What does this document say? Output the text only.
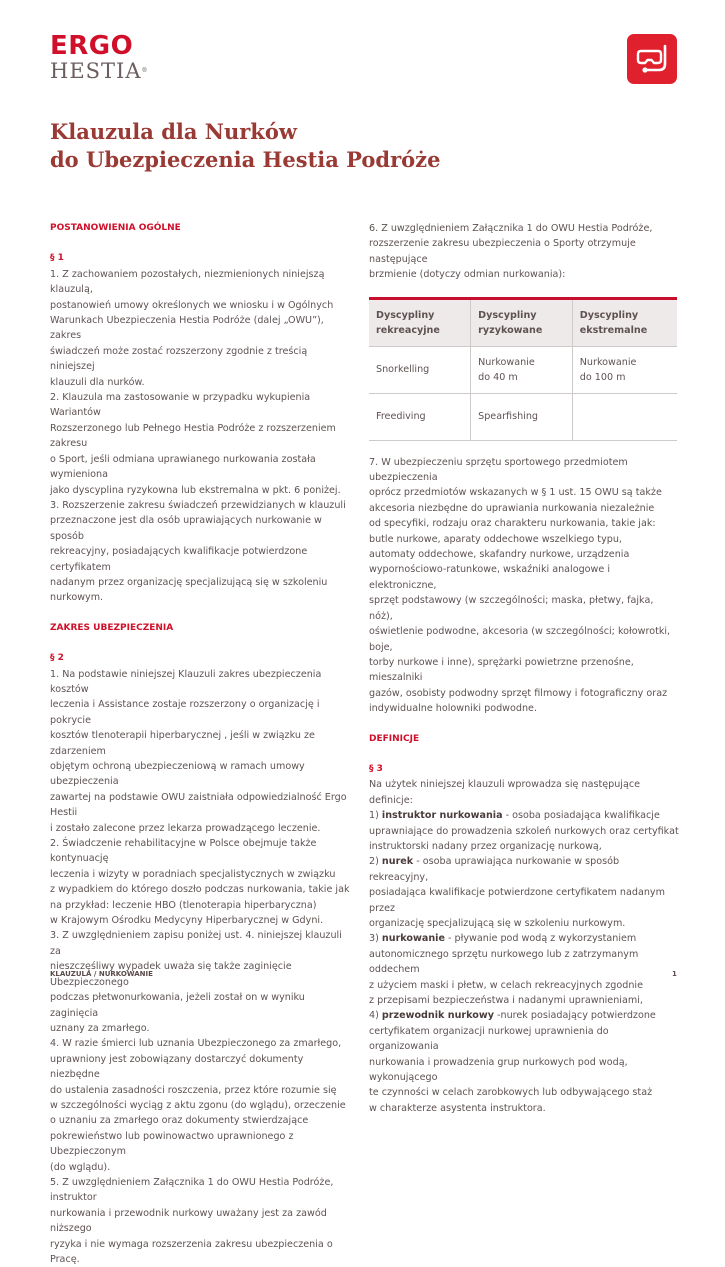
ERGO
HESTIA®
Klauzula dla Nurków
do Ubezpieczenia Hestia Podróże

POSTANOWIENIA OGÓLNE

§ 1

1. Z zachowaniem pozostałych, niezmienionych niniejszą klauzulą,
postanowień umowy określonych we wniosku i w Ogólnych
Warunkach Ubezpieczenia Hestia Podróże (dalej „OWU”), zakres
świadczeń może zostać rozszerzony zgodnie z treścią niniejszej
klauzuli dla nurków.

2. Klauzula ma zastosowanie w przypadku wykupienia Wariantów
Rozszerzonego lub Pełnego Hestia Podróże z rozszerzeniem zakresu
o Sport, jeśli odmiana uprawianego nurkowania została wymieniona
jako dyscyplina ryzykowna lub ekstremalna w pkt. 6 poniżej.

3. Rozszerzenie zakresu świadczeń przewidzianych w klauzuli
przeznaczone jest dla osób uprawiających nurkowanie w sposób
rekreacyjny, posiadających kwalifikacje potwierdzone certyfikatem
nadanym przez organizację specjalizującą się w szkoleniu
nurkowym.

ZAKRES UBEZPIECZENIA

§ 2

1. Na podstawie niniejszej Klauzuli zakres ubezpieczenia kosztów
leczenia i Assistance zostaje rozszerzony o organizację i pokrycie
kosztów tlenoterapii hiperbarycznej , jeśli w związku ze zdarzeniem
objętym ochroną ubezpieczeniową w ramach umowy ubezpieczenia
zawartej na podstawie OWU zaistniała odpowiedzialność Ergo Hestii
i zostało zalecone przez lekarza prowadzącego leczenie.

2. Świadczenie rehabilitacyjne w Polsce obejmuje także kontynuację
leczenia i wizyty w poradniach specjalistycznych w związku
z wypadkiem do którego doszło podczas nurkowania, takie jak
na przykład: leczenie HBO (tlenoterapia hiperbaryczna)
w Krajowym Ośrodku Medycyny Hiperbarycznej w Gdyni.

3. Z uwzględnieniem zapisu poniżej ust. 4. niniejszej klauzuli za
nieszczęśliwy wypadek uważa się także zaginięcie Ubezpieczonego
podczas płetwonurkowania, jeżeli został on w wyniku zaginięcia
uznany za zmarłego.

4. W razie śmierci lub uznania Ubezpieczonego za zmarłego,
uprawniony jest zobowiązany dostarczyć dokumenty niezbędne
do ustalenia zasadności roszczenia, przez które rozumie się
w szczególności wyciąg z aktu zgonu (do wglądu), orzeczenie
o uznaniu za zmarłego oraz dokumenty stwierdzające
pokrewieństwo lub powinowactwo uprawnionego z Ubezpieczonym
(do wglądu).

5. Z uwzględnieniem Załącznika 1 do OWU Hestia Podróże, instruktor
nurkowania i przewodnik nurkowy uważany jest za zawód niższego
ryzyka i nie wymaga rozszerzenia zakresu ubezpieczenia o Pracę.

6. Z uwzględnieniem Załącznika 1 do OWU Hestia Podróże,
rozszerzenie zakresu ubezpieczenia o Sporty otrzymuje następujące
brzmienie (dotyczy odmian nurkowania):

Dyscypliny
rekreacyjne	Dyscypliny
ryzykowane	Dyscypliny
ekstremalne
Snorkelling	Nurkowanie
do 40 m	Nurkowanie
do 100 m
Freediving	Spearfishing	

7. W ubezpieczeniu sprzętu sportowego przedmiotem ubezpieczenia
oprócz przedmiotów wskazanych w § 1 ust. 15 OWU są także
akcesoria niezbędne do uprawiania nurkowania niezależnie
od specyfiki, rodzaju oraz charakteru nurkowania, takie jak:
butle nurkowe, aparaty oddechowe wszelkiego typu,
automaty oddechowe, skafandry nurkowe, urządzenia
wypornościowo-ratunkowe, wskaźniki analogowe i elektroniczne,
sprzęt podstawowy (w szczególności; maska, płetwy, fajka, nóż),
oświetlenie podwodne, akcesoria (w szczególności; kołowrotki, boje,
torby nurkowe i inne), sprężarki powietrzne przenośne, mieszalniki
gazów, osobisty podwodny sprzęt filmowy i fotograficzny oraz
indywidualne holowniki podwodne.

DEFINICJE

§ 3

Na użytek niniejszej klauzuli wprowadza się następujące definicje:

1) instruktor nurkowania - osoba posiadająca kwalifikacje
uprawniające do prowadzenia szkoleń nurkowych oraz certyfikat
instruktorski nadany przez organizację nurkową,

2) nurek - osoba uprawiająca nurkowanie w sposób rekreacyjny,
posiadająca kwalifikacje potwierdzone certyfikatem nadanym przez
organizację specjalizującą się w szkoleniu nurkowym.

3) nurkowanie - pływanie pod wodą z wykorzystaniem
autonomicznego sprzętu nurkowego lub z zatrzymanym oddechem
z użyciem maski i płetw, w celach rekreacyjnych zgodnie
z przepisami bezpieczeństwa i nadanymi uprawnieniami,

4) przewodnik nurkowy -nurek posiadający potwierdzone
certyfikatem organizacji nurkowej uprawnienia do organizowania
nurkowania i prowadzenia grup nurkowych pod wodą, wykonującego
te czynności w celach zarobkowych lub odbywającego staż
w charakterze asystenta instruktora.

KLAUZULA / NURKOWANIE	1
